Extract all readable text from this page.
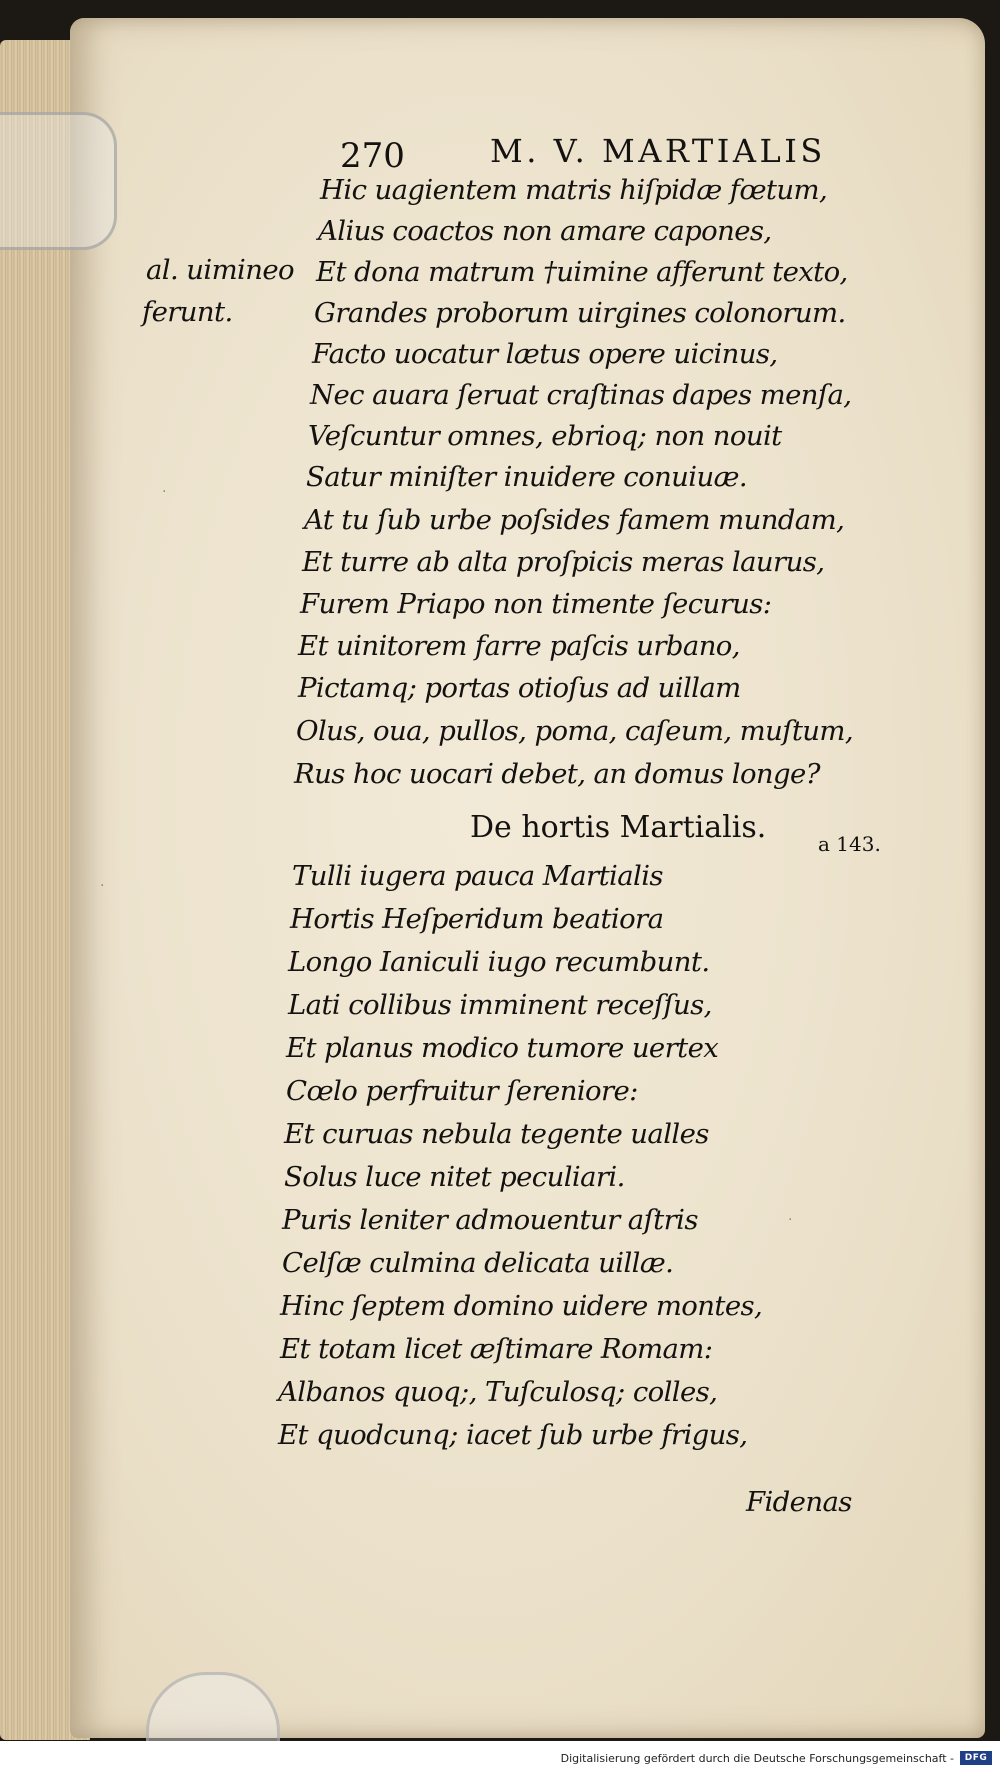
270	M. V. MARTIALIS
al. uimineo
ferunt.
Hic uagientem matris hiſpidæ fœtum,
Alius coactos non amare capones,
Et dona matrum †uimine afferunt texto,
Grandes proborum uirgines colonorum.
Facto uocatur lætus opere uicinus,
Nec auara ſeruat craſtinas dapes menſa,
Veſcuntur omnes, ebrioq; non nouit
Satur miniſter inuidere conuiuæ.
At tu ſub urbe poſsides famem mundam,
Et turre ab alta proſpicis meras laurus,
Furem Priapo non timente ſecurus:
Et uinitorem farre paſcis urbano,
Pictamq; portas otioſus ad uillam
Olus, oua, pullos, poma, caſeum, muſtum,
Rus hoc uocari debet, an domus longe?
De hortis Martialis.	a 143.
Tulli iugera pauca Martialis
Hortis Heſperidum beatiora
Longo Ianiculi iugo recumbunt.
Lati collibus imminent receſſus,
Et planus modico tumore uertex
Cœlo perfruitur ſereniore:
Et curuas nebula tegente ualles
Solus luce nitet peculiari.
Puris leniter admouentur aſtris
Celſæ culmina delicata uillæ.
Hinc ſeptem domino uidere montes,
Et totam licet æſtimare Romam:
Albanos quoq;, Tuſculosq; colles,
Et quodcunq; iacet ſub urbe frigus,
Fidenas
·
·
·
Digitalisierung gefördert durch die Deutsche Forschungsgemeinschaft -	DFG
